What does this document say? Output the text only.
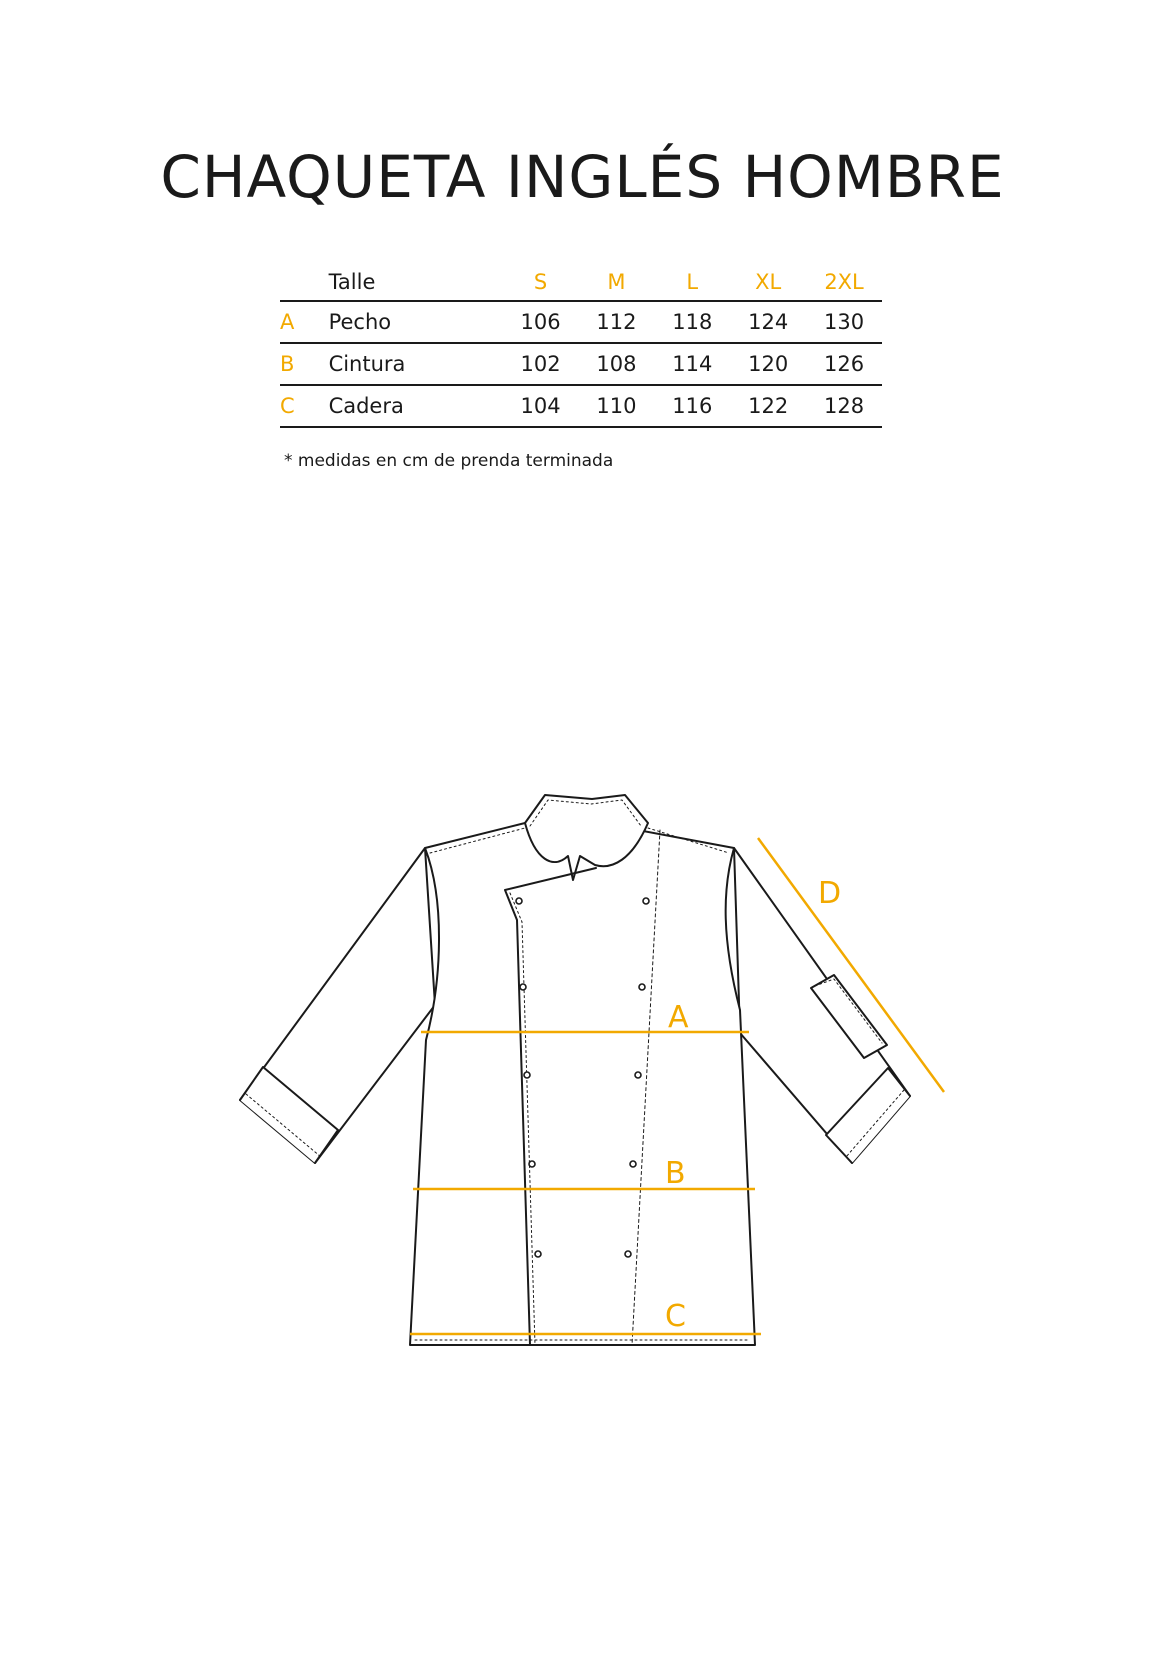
CHAQUETA INGLÉS HOMBRE
	Talle	S	M	L	XL	2XL
A	Pecho	106	112	118	124	130
B	Cintura	102	108	114	120	126
C	Cadera	104	110	116	122	128

* medidas en cm de prenda terminada

A
B
C
D
